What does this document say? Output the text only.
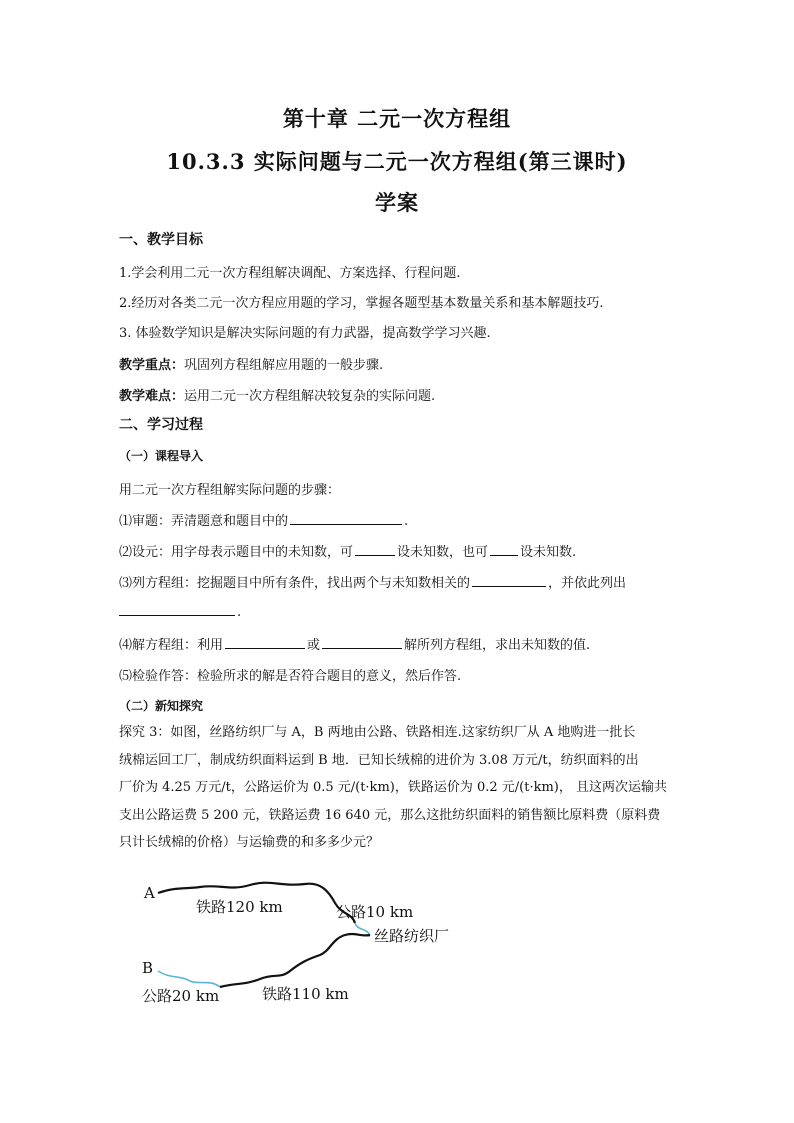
第十章 二元一次方程组
10.3.3 实际问题与二元一次方程组(第三课时)
学案
一、教学目标
1.学会利用二元一次方程组解决调配、方案选择、行程问题.
2.经历对各类二元一次方程应用题的学习，掌握各题型基本数量关系和基本解题技巧.
3. 体验数学知识是解决实际问题的有力武器，提高数学学习兴趣.
教学重点：巩固列方程组解应用题的一般步骤.
教学难点：运用二元一次方程组解决较复杂的实际问题.
二、学习过程
（一）课程导入
用二元一次方程组解实际问题的步骤：
⑴审题：弄清题意和题目中的	.
⑵设元：用字母表示题目中的未知数，可	设未知数，也可 设未知数.
⑶列方程组：挖掘题目中所有条件，找出两个与未知数相关的	，并依此列出
.
⑷解方程组：利用	或	解所列方程组，求出未知数的值.
⑸检验作答：检验所求的解是否符合题目的意义，然后作答.
（二）新知探究
探究 3：如图，丝路纺织厂与 A，B 两地由公路、铁路相连.这家纺织厂从 A 地购进一批长
绒棉运回工厂，制成纺织面料运到 B 地．已知长绒棉的进价为 3.08 万元/t，纺织面料的出
厂价为 4.25 万元/t，公路运价为 0.5 元/(t·km)，铁路运价为 0.2 元/(t·km)， 且这两次运输共
支出公路运费 5 200 元，铁路运费 16 640 元，那么这批纺织面料的销售额比原料费（原料费
只计长绒棉的价格）与运输费的和多多少元？
A
B
铁路120 km	公路10 km
丝路纺织厂
公路20 km	铁路110 km
